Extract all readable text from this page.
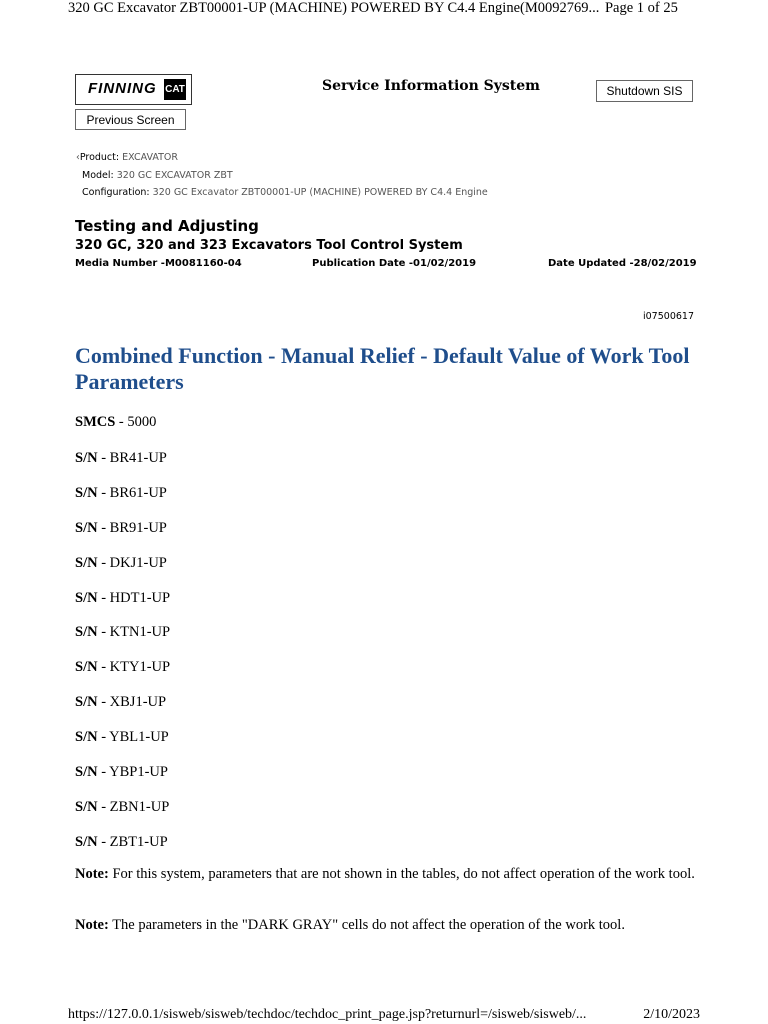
320 GC Excavator ZBT00001-UP (MACHINE) POWERED BY C4.4 Engine(M0092769... Page 1 of 25
FINNING CAT	Service Information System	Shutdown SIS
Previous Screen
‹Product: EXCAVATOR
Model: 320 GC EXCAVATOR ZBT
Configuration: 320 GC Excavator ZBT00001-UP (MACHINE) POWERED BY C4.4 Engine
Testing and Adjusting
320 GC, 320 and 323 Excavators Tool Control System
Media Number -M0081160-04	Publication Date -01/02/2019	Date Updated -28/02/2019
i07500617
Combined Function - Manual Relief - Default Value of Work Tool Parameters
SMCS - 5000
S/N - BR41-UP
S/N - BR61-UP
S/N - BR91-UP
S/N - DKJ1-UP
S/N - HDT1-UP
S/N - KTN1-UP
S/N - KTY1-UP
S/N - XBJ1-UP
S/N - YBL1-UP
S/N - YBP1-UP
S/N - ZBN1-UP
S/N - ZBT1-UP

Note: For this system, parameters that are not shown in the tables, do not affect operation of the work tool.

Note: The parameters in the "DARK GRAY" cells do not affect the operation of the work tool.

https://127.0.0.1/sisweb/sisweb/techdoc/techdoc_print_page.jsp?returnurl=/sisweb/sisweb/...	2/10/2023
